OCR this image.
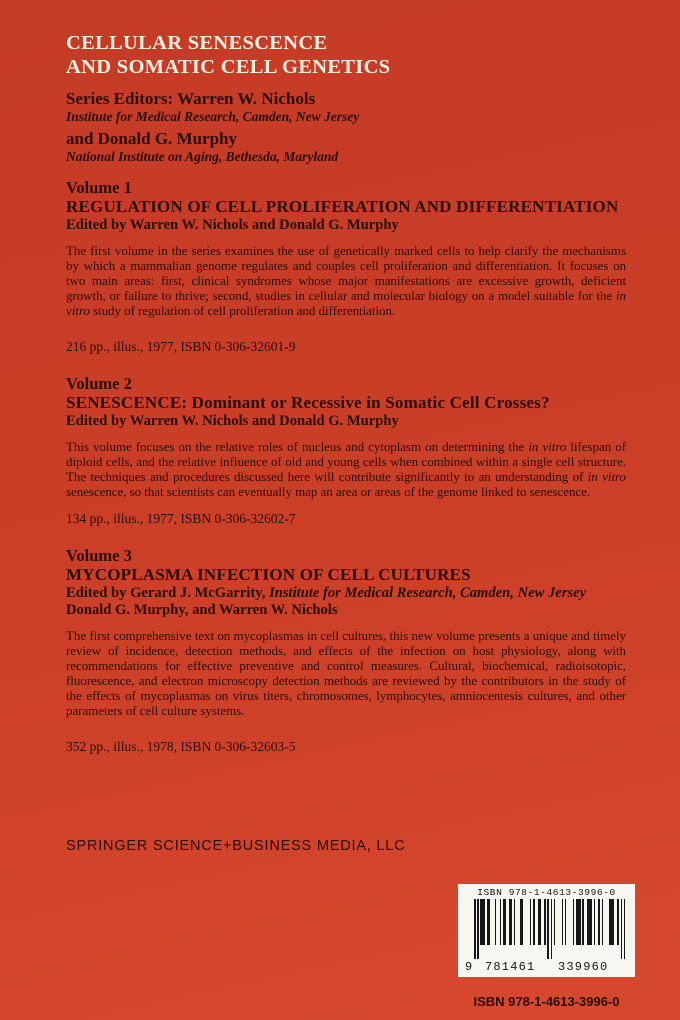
CELLULAR SENESCENCE
AND SOMATIC CELL GENETICS
Series Editors: Warren W. Nichols
Institute for Medical Research, Camden, New Jersey
and Donald G. Murphy
National Institute on Aging, Bethesda, Maryland
Volume 1
REGULATION OF CELL PROLIFERATION AND DIFFERENTIATION
Edited by Warren W. Nichols and Donald G. Murphy
The first volume in the series examines the use of genetically marked cells to help clarify the mechanisms by which a mammalian genome regulates and couples cell proliferation and differentiation. It focuses on two main areas: first, clinical syndromes whose major manifestations are excessive growth, deficient growth, or failure to thrive; second, studies in cellular and molecular biology on a model suitable for the in vitro study of regulation of cell proliferation and differentiation.
216 pp., illus., 1977, ISBN 0-306-32601-9
Volume 2
SENESCENCE: Dominant or Recessive in Somatic Cell Crosses?
Edited by Warren W. Nichols and Donald G. Murphy
This volume focuses on the relative roles of nucleus and cytoplasm on determining the in vitro lifespan of diploid cells, and the relative influence of old and young cells when combined within a single cell structure. The techniques and procedures discussed here will contribute significantly to an understanding of in vitro senescence, so that scientists can eventually map an area or areas of the genome linked to senescence.
134 pp., illus., 1977, ISBN 0-306-32602-7
Volume 3
MYCOPLASMA INFECTION OF CELL CULTURES
Edited by Gerard J. McGarrity, Institute for Medical Research, Camden, New Jersey
Donald G. Murphy, and Warren W. Nichols
The first comprehensive text on mycoplasmas in cell cultures, this new volume presents a unique and timely review of incidence, detection methods, and effects of the infection on host physiology, along with recommendations for effective preventive and control measures. Cultural, biochemical, radioisotopic, fluorescence, and electron microscopy detection methods are reviewed by the contributors in the study of the effects of mycoplasmas on virus titers, chromosomes, lymphocytes, amniocentesis cultures, and other parameters of cell culture systems.
352 pp., illus., 1978, ISBN 0-306-32603-5
SPRINGER SCIENCE+BUSINESS MEDIA, LLC
ISBN 978-1-4613-3996-0
9 781461 339960
ISBN 978-1-4613-3996-0
